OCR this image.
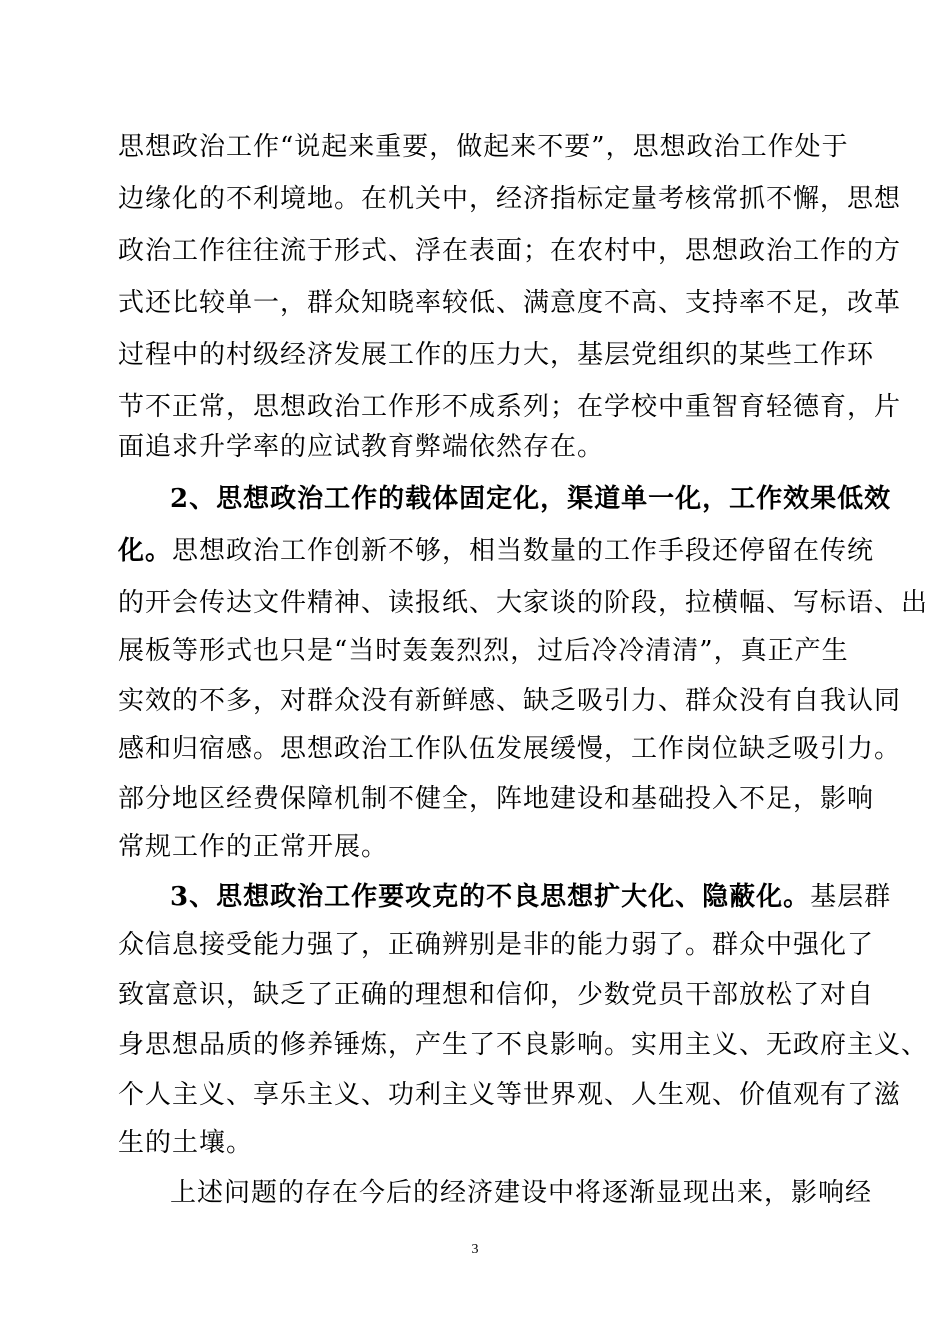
思想政治工作“说起来重要，做起来不要”，思想政治工作处于
边缘化的不利境地。在机关中，经济指标定量考核常抓不懈，思想
政治工作往往流于形式、浮在表面；在农村中，思想政治工作的方
式还比较单一，群众知晓率较低、满意度不高、支持率不足，改革
过程中的村级经济发展工作的压力大，基层党组织的某些工作环
节不正常，思想政治工作形不成系列；在学校中重智育轻德育，片
面追求升学率的应试教育弊端依然存在。
2、思想政治工作的载体固定化，渠道单一化，工作效果低效
化。思想政治工作创新不够，相当数量的工作手段还停留在传统
的开会传达文件精神、读报纸、大家谈的阶段，拉横幅、写标语、出
展板等形式也只是“当时轰轰烈烈，过后冷冷清清”，真正产生
实效的不多，对群众没有新鲜感、缺乏吸引力、群众没有自我认同
感和归宿感。思想政治工作队伍发展缓慢，工作岗位缺乏吸引力。
部分地区经费保障机制不健全，阵地建设和基础投入不足，影响
常规工作的正常开展。
3、思想政治工作要攻克的不良思想扩大化、隐蔽化。基层群
众信息接受能力强了，正确辨别是非的能力弱了。群众中强化了
致富意识，缺乏了正确的理想和信仰，少数党员干部放松了对自
身思想品质的修养锤炼，产生了不良影响。实用主义、无政府主义、
个人主义、享乐主义、功利主义等世界观、人生观、价值观有了滋
生的土壤。
上述问题的存在今后的经济建设中将逐渐显现出来，影响经
3
